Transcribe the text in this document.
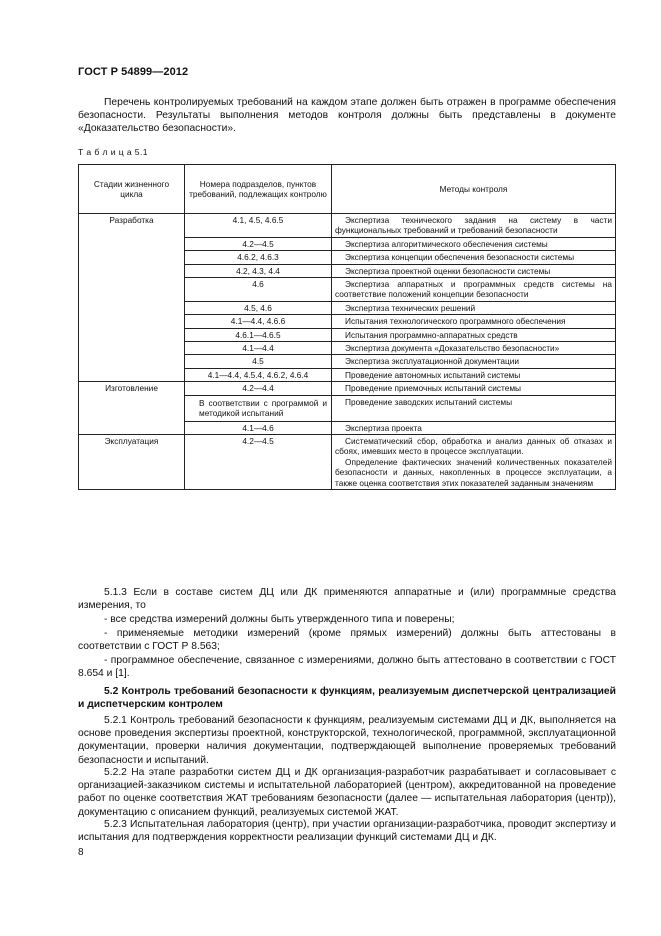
ГОСТ Р 54899—2012

Перечень контролируемых требований на каждом этапе должен быть отражен в программе обеспечения безопасности. Результаты выполнения методов контроля должны быть представлены в документе «Доказательство безопасности».

Т а б л и ц а 5.1
Стадии жизненного цикла	Номера подразделов, пунктов требований, подлежащих контролю	Методы контроля
Разработка	4.1, 4.5, 4.6.5	Экспертиза технического задания на систему в части функциональных требований и требований безопасности

	4.2—4.5	Экспертиза алгоритмического обеспечения системы

	4.6.2, 4.6.3	Экспертиза концепции обеспечения безопасности системы

	4.2, 4.3, 4.4	Экспертиза проектной оценки безопасности системы

	4.6	Экспертиза аппаратных и программных средств системы на соответствие положений концепции безопасности

	4.5, 4.6	Экспертиза технических решений

	4.1—4.4, 4.6.6	Испытания технологического программного обеспечения

	4.6.1—4.6.5	Испытания программно-аппаратных средств

	4.1—4.4	Экспертиза документа «Доказательство безопасности»

	4.5	Экспертиза эксплуатационной документации

	4.1—4.4, 4.5.4, 4.6.2, 4.6.4	Проведение автономных испытаний системы

Изготовление	4.2—4.4	Проведение приемочных испытаний системы

	В соответствии с программой и методикой испытаний	Проведение заводских испытаний системы

	4.1—4.6	Экспертиза проекта

Эксплуатация	4.2—4.5	Систематический сбор, обработка и анализ данных об отказах и сбоях, имевших место в процессе эксплуатации.
Определение фактических значений количественных показателей безопасности и данных, накопленных в процессе эксплуатации, а также оценка соответствия этих показателей заданным значениям

5.1.3 Если в составе систем ДЦ или ДК применяются аппаратные и (или) программные средства измерения, то

- все средства измерений должны быть утвержденного типа и поверены;

- применяемые методики измерений (кроме прямых измерений) должны быть аттестованы в соответствии с ГОСТ Р 8.563;

- программное обеспечение, связанное с измерениями, должно быть аттестовано в соответствии с ГОСТ 8.654 и [1].

5.2 Контроль требований безопасности к функциям, реализуемым диспетчерской централизацией и диспетчерским контролем

5.2.1 Контроль требований безопасности к функциям, реализуемым системами ДЦ и ДК, выполняется на основе проведения экспертизы проектной, конструкторской, технологической, программной, эксплуатационной документации, проверки наличия документации, подтверждающей выполнение проверяемых требований безопасности и испытаний.

5.2.2 На этапе разработки систем ДЦ и ДК организация-разработчик разрабатывает и согласовывает с организацией-заказчиком системы и испытательной лабораторией (центром), аккредитованной на проведение работ по оценке соответствия ЖАТ требованиям безопасности (далее — испытательная лаборатория (центр)), документацию с описанием функций, реализуемых системой ЖАТ.

5.2.3 Испытательная лаборатория (центр), при участии организации-разработчика, проводит экспертизу и испытания для подтверждения корректности реализации функций системами ДЦ и ДК.

8
